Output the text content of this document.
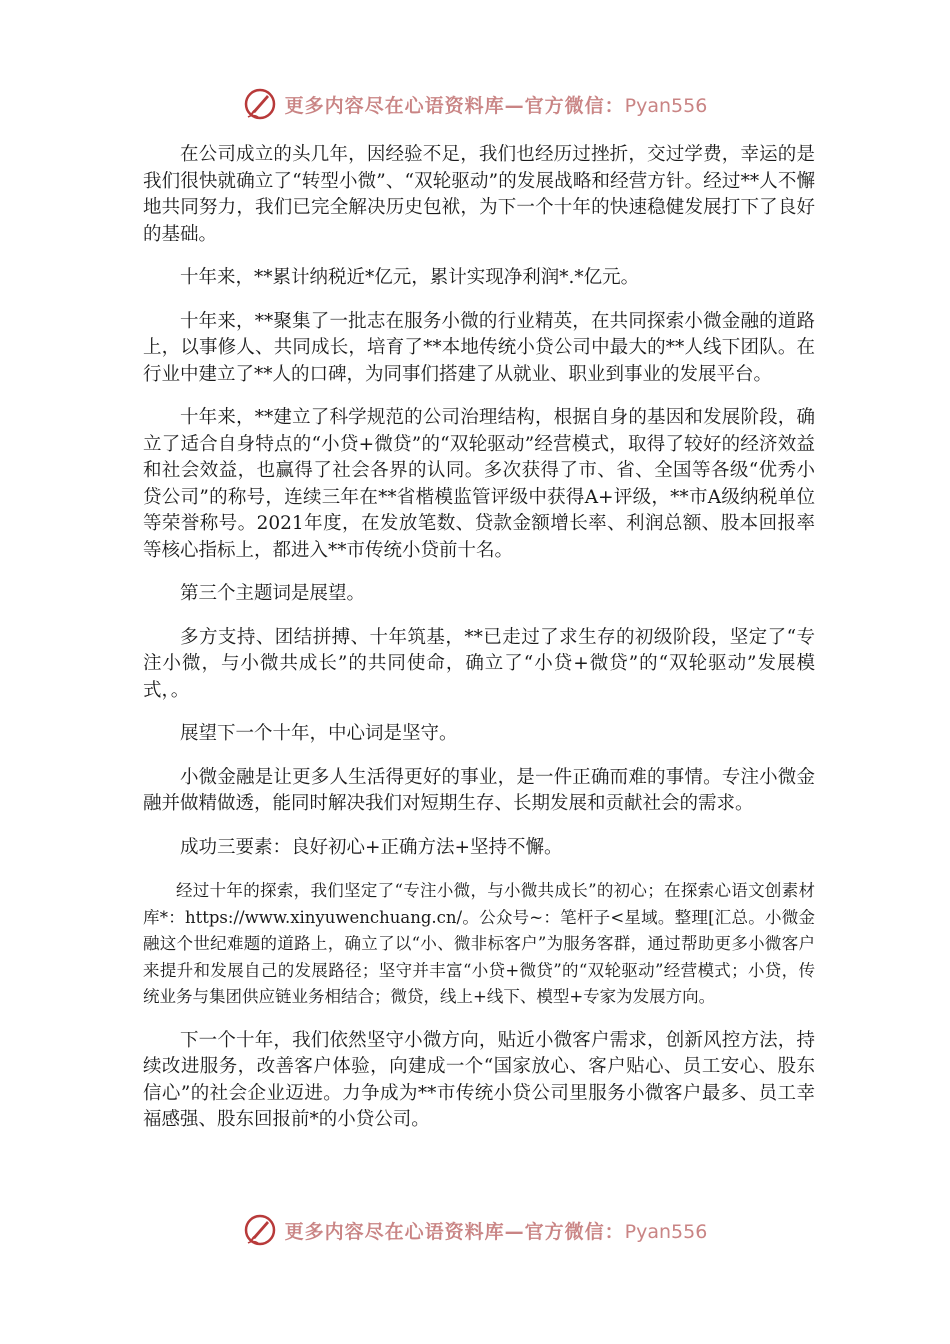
更多内容尽在心语资料库—官方微信：Pyan556

在公司成立的头几年，因经验不足，我们也经历过挫折，交过学费，幸运的是我们很快就确立了“转型小微”、“双轮驱动”的发展战略和经营方针。经过**人不懈地共同努力，我们已完全解决历史包袱，为下一个十年的快速稳健发展打下了良好的基础。

十年来，**累计纳税近*亿元，累计实现净利润*.*亿元。

十年来，**聚集了一批志在服务小微的行业精英，在共同探索小微金融的道路上，以事修人、共同成长，培育了**本地传统小贷公司中最大的**人线下团队。在行业中建立了**人的口碑，为同事们搭建了从就业、职业到事业的发展平台。

十年来，**建立了科学规范的公司治理结构，根据自身的基因和发展阶段，确立了适合自身特点的“小贷+微贷”的“双轮驱动”经营模式，取得了较好的经济效益和社会效益，也赢得了社会各界的认同。多次获得了市、省、全国等各级“优秀小贷公司”的称号，连续三年在**省楷模监管评级中获得A+评级，**市A级纳税单位等荣誉称号。2021年度，在发放笔数、贷款金额增长率、利润总额、股本回报率等核心指标上，都进入**市传统小贷前十名。

第三个主题词是展望。

多方支持、团结拼搏、十年筑基，**已走过了求生存的初级阶段，坚定了“专注小微，与小微共成长”的共同使命，确立了“小贷+微贷”的“双轮驱动”发展模式，。

展望下一个十年，中心词是坚守。

小微金融是让更多人生活得更好的事业，是一件正确而难的事情。专注小微金融并做精做透，能同时解决我们对短期生存、长期发展和贡献社会的需求。

成功三要素：良好初心+正确方法+坚持不懈。

经过十年的探索，我们坚定了“专注小微，与小微共成长”的初心；在探索心语文创素材库*：https://www.xinyuwenchuang.cn/。公众号~：笔杆子<星域。整理[汇总。小微金融这个世纪难题的道路上，确立了以“小、微非标客户”为服务客群，通过帮助更多小微客户来提升和发展自己的发展路径；坚守并丰富“小贷+微贷”的“双轮驱动”经营模式；小贷，传统业务与集团供应链业务相结合；微贷，线上+线下、模型+专家为发展方向。

下一个十年，我们依然坚守小微方向，贴近小微客户需求，创新风控方法，持续改进服务，改善客户体验，向建成一个“国家放心、客户贴心、员工安心、股东信心”的社会企业迈进。力争成为**市传统小贷公司里服务小微客户最多、员工幸福感强、股东回报前*的小贷公司。

更多内容尽在心语资料库—官方微信：Pyan556
